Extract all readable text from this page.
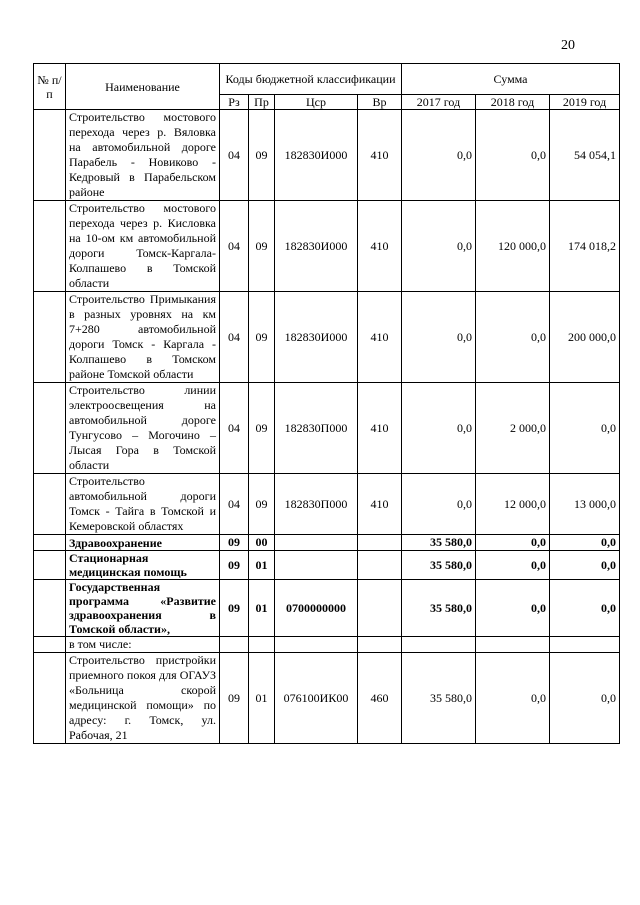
20
№ п/п	Наименование	Коды бюджетной классификации				Сумма		
		Рз	Пр	Цср	Вр	2017 год	2018 год	2019 год
	Строительство мостового перехода через р. Вяловка на автомобильной дороге Парабель - Новиково - Кедровый в Парабельском районе	04	09	182830И000	410	0,0	0,0	54 054,1
	Строительство мостового перехода через р. Кисловка на 10-ом км автомобильной дороги Томск-Каргала-Колпашево в Томской области	04	09	182830И000	410	0,0	120 000,0	174 018,2
	Строительство Примыкания в разных уровнях на км 7+280 автомобильной дороги Томск - Каргала - Колпашево в Томском районе Томской области	04	09	182830И000	410	0,0	0,0	200 000,0
	Строительство линии электроосвещения на автомобильной дороге Тунгусово – Могочино – Лысая Гора в Томской области	04	09	182830П000	410	0,0	2 000,0	0,0
	Строительство автомобильной дороги Томск - Тайга в Томской и Кемеровской областях	04	09	182830П000	410	0,0	12 000,0	13 000,0
	Здравоохранение	09	00			35 580,0	0,0	0,0
	Стационарная медицинская помощь	09	01			35 580,0	0,0	0,0
	Государственная программа «Развитие здравоохранения в Томской области»,	09	01	0700000000		35 580,0	0,0	0,0
	в том числе:							
	Строительство пристройки приемного покоя для ОГАУЗ «Больница скорой медицинской помощи» по адресу: г. Томск, ул. Рабочая, 21	09	01	076100ИК00	460	35 580,0	0,0	0,0
